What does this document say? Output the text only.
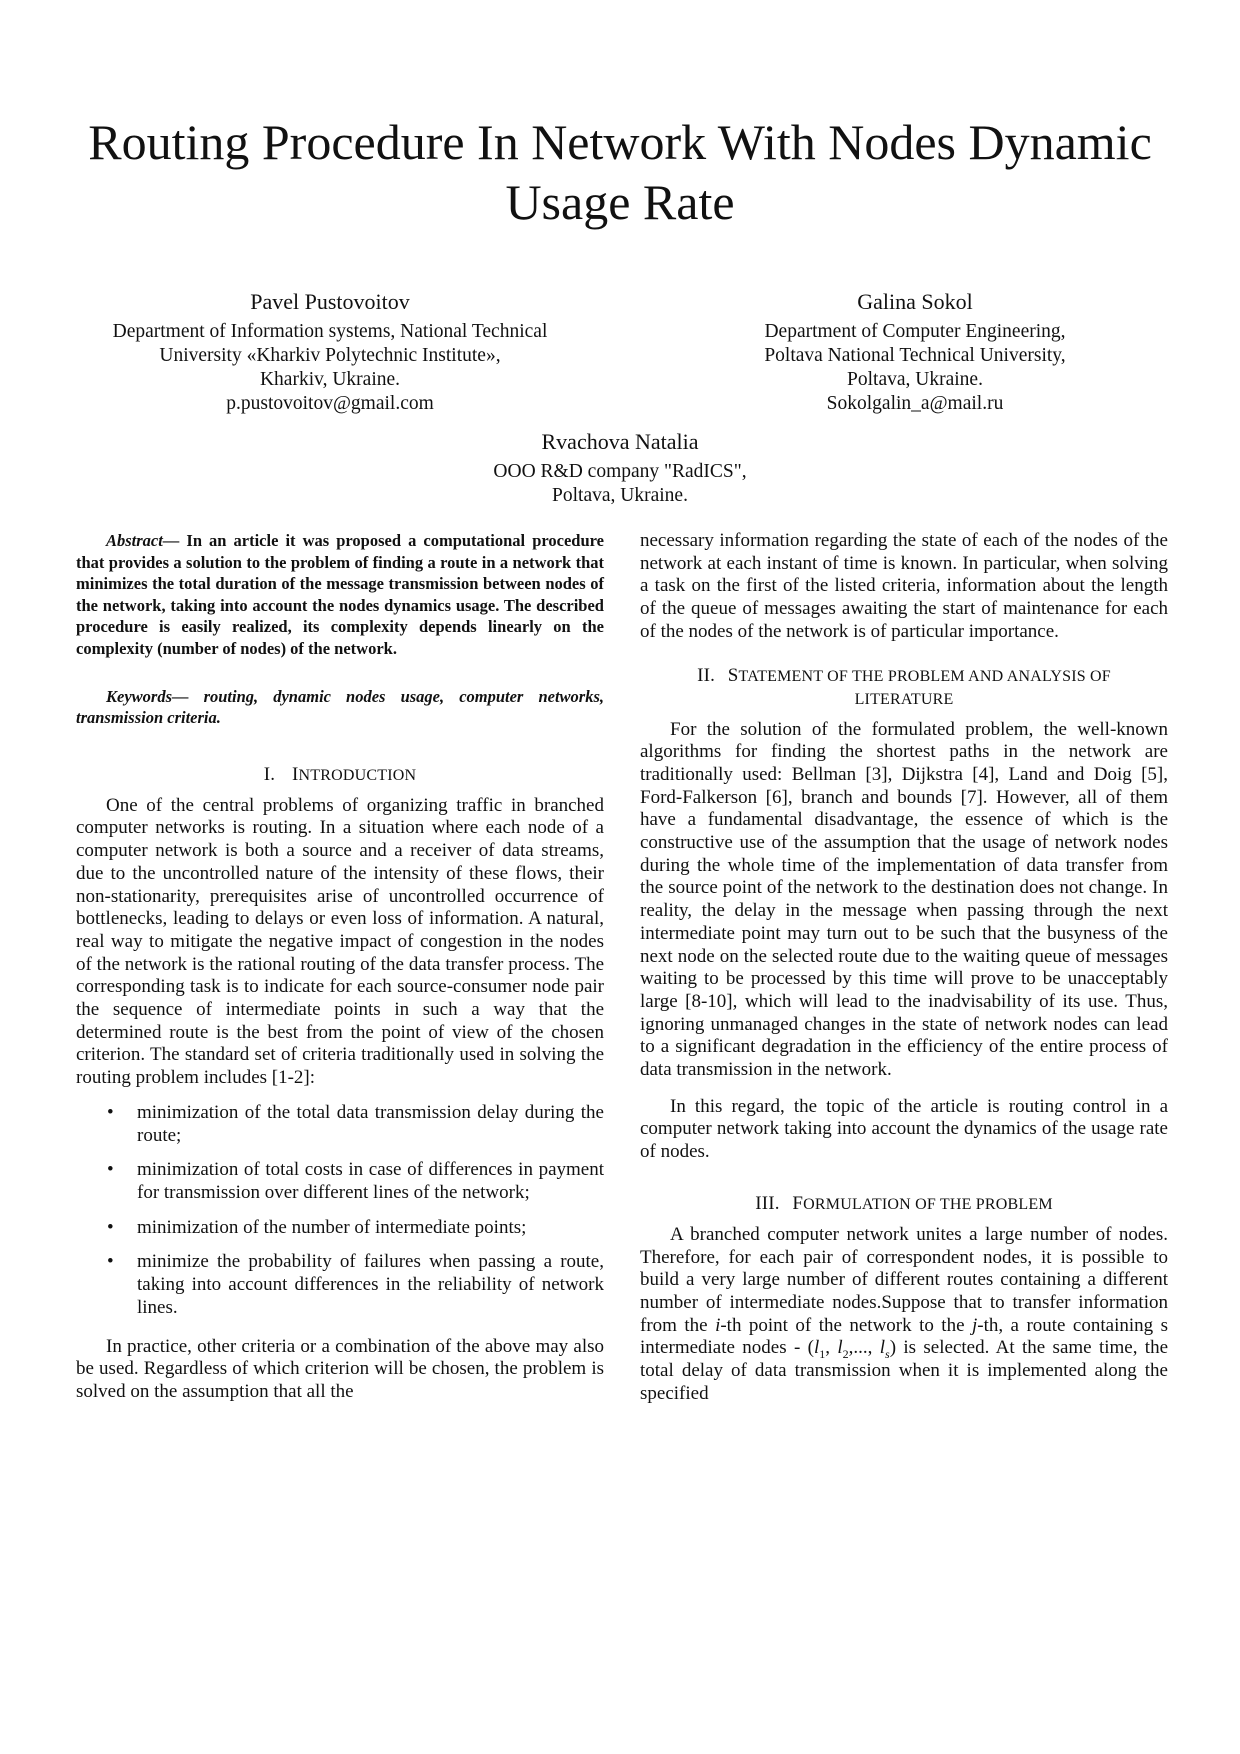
Routing Procedure In Network With Nodes Dynamic Usage Rate
Pavel Pustovoitov
Department of Information systems, National Technical
University «Kharkiv Polytechnic Institute»,
Kharkiv, Ukraine.
p.pustovoitov@gmail.com
Galina Sokol
Department of Computer Engineering,
Poltava National Technical University,
Poltava, Ukraine.
Sokolgalin_a@mail.ru
Rvachova Natalia
OOO R&D company "RadICS",
Poltava, Ukraine.

Abstract— In an article it was proposed a computational procedure that provides a solution to the problem of finding a route in a network that minimizes the total duration of the message transmission between nodes of the network, taking into account the nodes dynamics usage. The described procedure is easily realized, its complexity depends linearly on the complexity (number of nodes) of the network.

Keywords— routing, dynamic nodes usage, computer networks, transmission criteria.

I. INTRODUCTION

One of the central problems of organizing traffic in branched computer networks is routing. In a situation where each node of a computer network is both a source and a receiver of data streams, due to the uncontrolled nature of the intensity of these flows, their non-stationarity, prerequisites arise of uncontrolled occurrence of bottlenecks, leading to delays or even loss of information. A natural, real way to mitigate the negative impact of congestion in the nodes of the network is the rational routing of the data transfer process. The corresponding task is to indicate for each source-consumer node pair the sequence of intermediate points in such a way that the determined route is the best from the point of view of the chosen criterion. The standard set of criteria traditionally used in solving the routing problem includes [1-2]:

• minimization of the total data transmission delay during the route;
• minimization of total costs in case of differences in payment for transmission over different lines of the network;
• minimization of the number of intermediate points;
• minimize the probability of failures when passing a route, taking into account differences in the reliability of network lines.

In practice, other criteria or a combination of the above may also be used. Regardless of which criterion will be chosen, the problem is solved on the assumption that all the

necessary information regarding the state of each of the nodes of the network at each instant of time is known. In particular, when solving a task on the first of the listed criteria, information about the length of the queue of messages awaiting the start of maintenance for each of the nodes of the network is of particular importance.

II. STATEMENT OF THE PROBLEM AND ANALYSIS OF
LITERATURE

For the solution of the formulated problem, the well-known algorithms for finding the shortest paths in the network are traditionally used: Bellman [3], Dijkstra [4], Land and Doig [5], Ford-Falkerson [6], branch and bounds [7]. However, all of them have a fundamental disadvantage, the essence of which is the constructive use of the assumption that the usage of network nodes during the whole time of the implementation of data transfer from the source point of the network to the destination does not change. In reality, the delay in the message when passing through the next intermediate point may turn out to be such that the busyness of the next node on the selected route due to the waiting queue of messages waiting to be processed by this time will prove to be unacceptably large [8-10], which will lead to the inadvisability of its use. Thus, ignoring unmanaged changes in the state of network nodes can lead to a significant degradation in the efficiency of the entire process of data transmission in the network.

In this regard, the topic of the article is routing control in a computer network taking into account the dynamics of the usage rate of nodes.

III. FORMULATION OF THE PROBLEM

A branched computer network unites a large number of nodes. Therefore, for each pair of correspondent nodes, it is possible to build a very large number of different routes containing a different number of intermediate nodes.Suppose that to transfer information from the i-th point of the network to the j-th, a route containing s intermediate nodes - ($l_1$, $l_2$,..., $l_s$) is selected. At the same time, the total delay of data transmission when it is implemented along the specified
